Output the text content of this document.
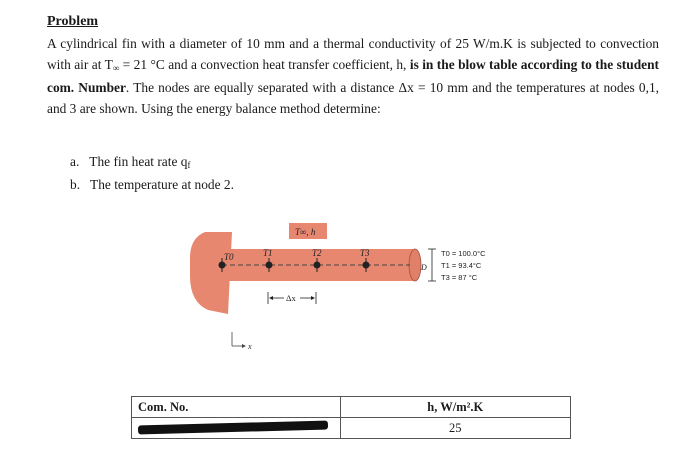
Problem
A cylindrical fin with a diameter of 10 mm and a thermal conductivity of 25 W/m.K is subjected to convection with air at $T_\infty = 21$ °C and a convection heat transfer coefficient, h, is in the blow table according to the student com. Number. The nodes are equally separated with a distance Δx = 10 mm and the temperatures at nodes 0,1, and 3 are shown. Using the energy balance method determine:
a. The fin heat rate $q_f$
b. The temperature at node 2.
T0	T1	T2	T3
T∞, h
Δx
x
D
T0 = 100.0°C
T1 = 93.4°C
T3 = 87 °C
Com. No.	h, W/m².K
	25
